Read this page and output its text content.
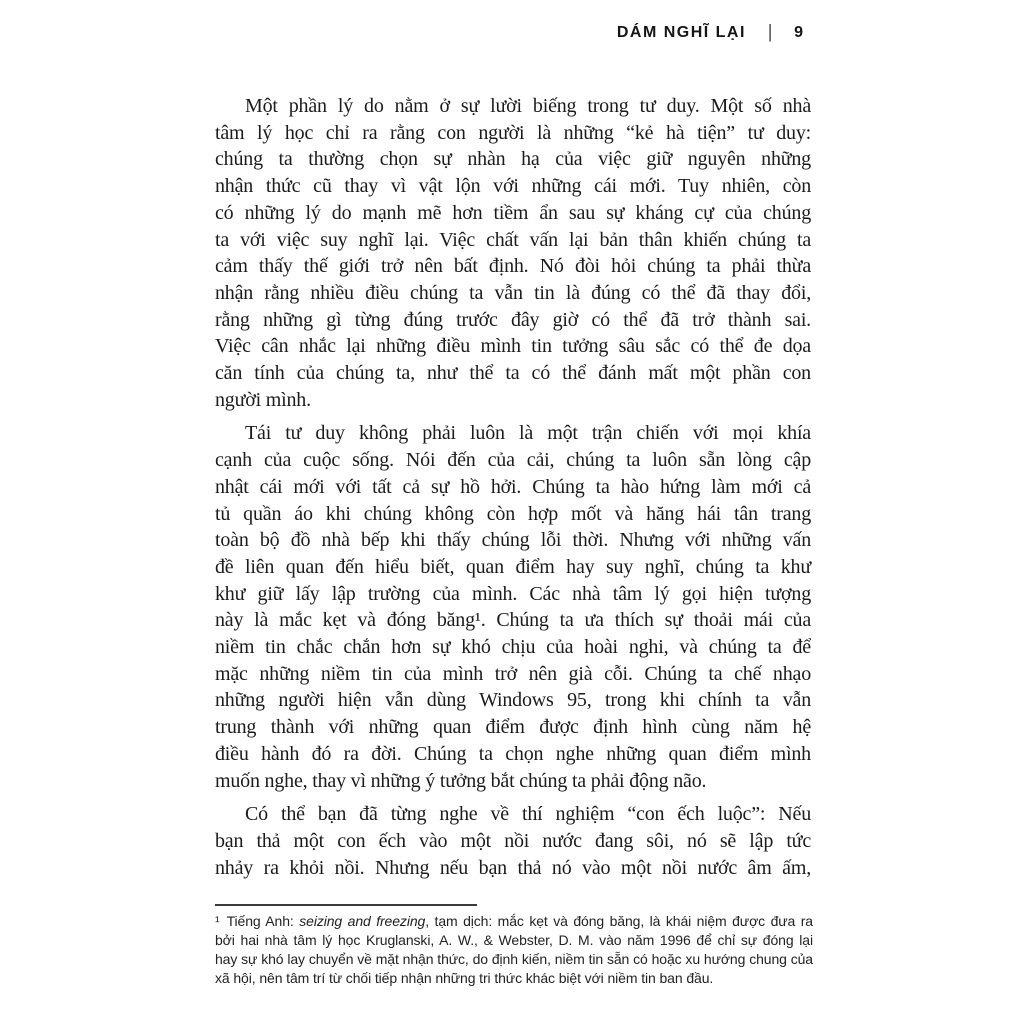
DÁM NGHĨ LẠI | 9
Một phần lý do nằm ở sự lười biếng trong tư duy. Một số nhà
tâm lý học chỉ ra rằng con người là những “kẻ hà tiện” tư duy:
chúng ta thường chọn sự nhàn hạ của việc giữ nguyên những
nhận thức cũ thay vì vật lộn với những cái mới. Tuy nhiên, còn
có những lý do mạnh mẽ hơn tiềm ẩn sau sự kháng cự của chúng
ta với việc suy nghĩ lại. Việc chất vấn lại bản thân khiến chúng ta
cảm thấy thế giới trở nên bất định. Nó đòi hỏi chúng ta phải thừa
nhận rằng nhiều điều chúng ta vẫn tin là đúng có thể đã thay đổi,
rằng những gì từng đúng trước đây giờ có thể đã trở thành sai.
Việc cân nhắc lại những điều mình tin tưởng sâu sắc có thể đe dọa
căn tính của chúng ta, như thể ta có thể đánh mất một phần con
người mình.
Tái tư duy không phải luôn là một trận chiến với mọi khía
cạnh của cuộc sống. Nói đến của cải, chúng ta luôn sẵn lòng cập
nhật cái mới với tất cả sự hồ hởi. Chúng ta hào hứng làm mới cả
tủ quần áo khi chúng không còn hợp mốt và hăng hái tân trang
toàn bộ đồ nhà bếp khi thấy chúng lỗi thời. Nhưng với những vấn
đề liên quan đến hiểu biết, quan điểm hay suy nghĩ, chúng ta khư
khư giữ lấy lập trường của mình. Các nhà tâm lý gọi hiện tượng
này là mắc kẹt và đóng băng¹. Chúng ta ưa thích sự thoải mái của
niềm tin chắc chắn hơn sự khó chịu của hoài nghi, và chúng ta để
mặc những niềm tin của mình trở nên già cỗi. Chúng ta chế nhạo
những người hiện vẫn dùng Windows 95, trong khi chính ta vẫn
trung thành với những quan điểm được định hình cùng năm hệ
điều hành đó ra đời. Chúng ta chọn nghe những quan điểm mình
muốn nghe, thay vì những ý tưởng bắt chúng ta phải động não.
Có thể bạn đã từng nghe về thí nghiệm “con ếch luộc”: Nếu
bạn thả một con ếch vào một nồi nước đang sôi, nó sẽ lập tức
nhảy ra khỏi nồi. Nhưng nếu bạn thả nó vào một nồi nước âm ấm,
¹ Tiếng Anh: seizing and freezing, tạm dịch: mắc kẹt và đóng băng, là khái niệm được đưa ra
bởi hai nhà tâm lý học Kruglanski, A. W., & Webster, D. M. vào năm 1996 để chỉ sự đóng lại
hay sự khó lay chuyển về mặt nhận thức, do định kiến, niềm tin sẵn có hoặc xu hướng chung của
xã hội, nên tâm trí từ chối tiếp nhận những tri thức khác biệt với niềm tin ban đầu.
